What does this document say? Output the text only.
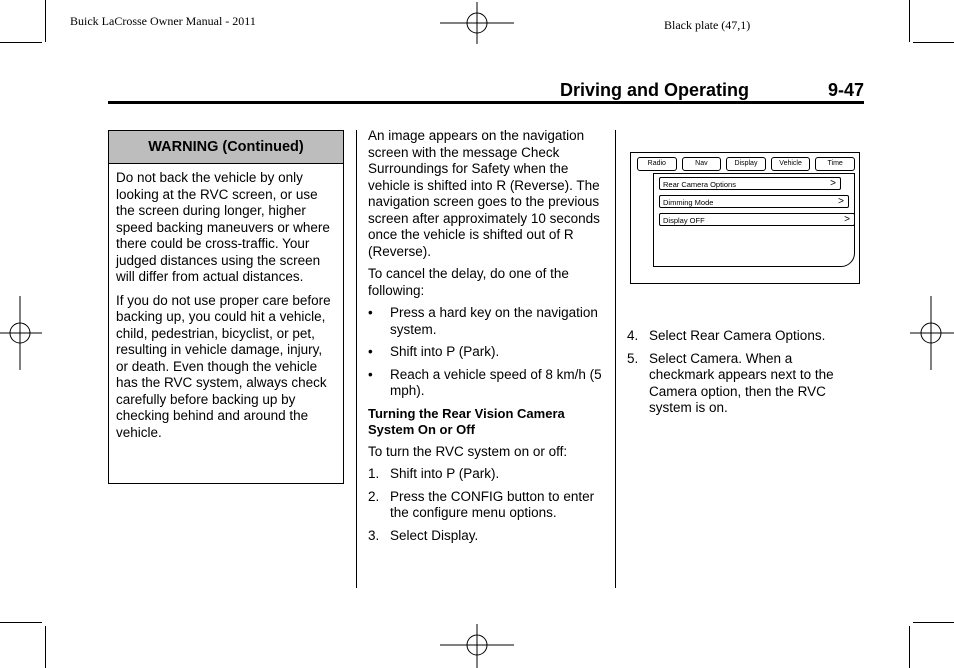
Buick LaCrosse Owner Manual - 2011	Black plate (47,1)
Driving and Operating	9-47
WARNING (Continued)

Do not back the vehicle by only looking at the RVC screen, or use the screen during longer, higher speed backing maneuvers or where there could be cross-traffic. Your judged distances using the screen will differ from actual distances.

If you do not use proper care before backing up, you could hit a vehicle, child, pedestrian, bicyclist, or pet, resulting in vehicle damage, injury, or death. Even though the vehicle has the RVC system, always check carefully before backing up by checking behind and around the vehicle.

An image appears on the navigation screen with the message Check Surroundings for Safety when the vehicle is shifted into R (Reverse). The navigation screen goes to the previous screen after approximately 10 seconds once the vehicle is shifted out of R (Reverse).

To cancel the delay, do one of the following:

• Press a hard key on the navigation system.
• Shift into P (Park).
• Reach a vehicle speed of 8 km/h (5 mph).
Turning the Rear Vision Camera System On or Off

To turn the RVC system on or off:

1. Shift into P (Park).
2. Press the CONFIG button to enter the configure menu options.
3. Select Display.
Radio	Nav	Display	Vehicle	Time
Rear Camera Options	>
Dimming Mode	>
Display OFF	>
4. Select Rear Camera Options.
5. Select Camera. When a checkmark appears next to the Camera option, then the RVC system is on.
